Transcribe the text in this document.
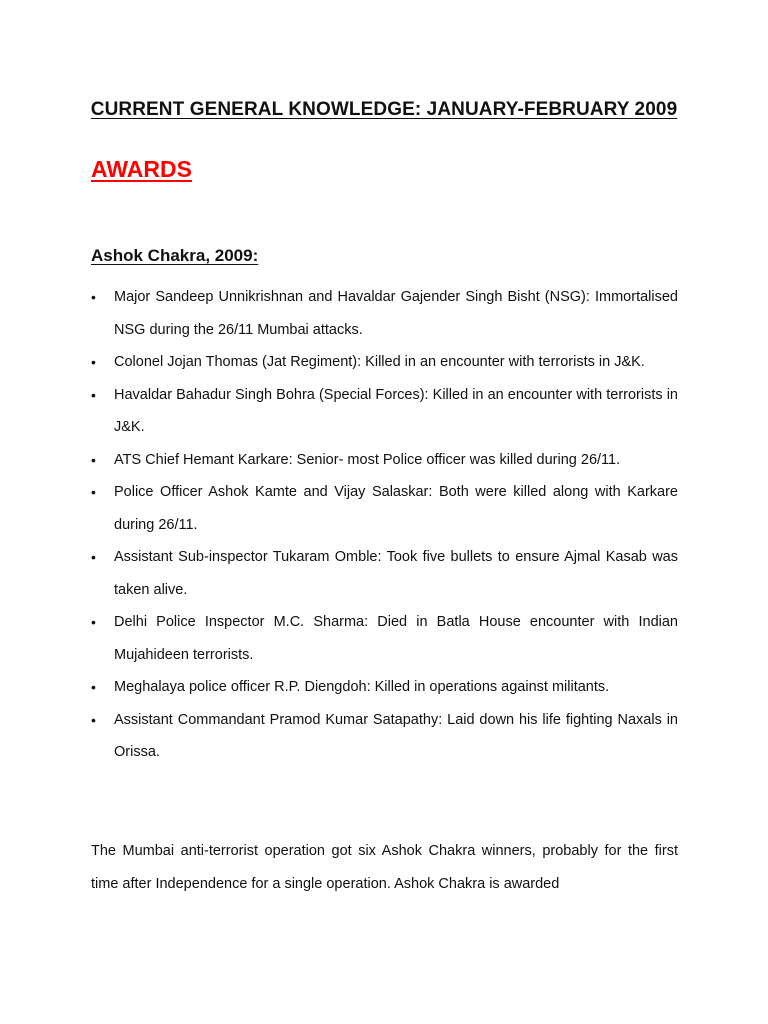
CURRENT GENERAL KNOWLEDGE: JANUARY-FEBRUARY 2009
AWARDS
Ashok Chakra, 2009:
•	Major Sandeep Unnikrishnan and Havaldar Gajender Singh Bisht (NSG): Immortalised NSG during the 26/11 Mumbai attacks.
•	Colonel Jojan Thomas (Jat Regiment): Killed in an encounter with terrorists in J&K.
•	Havaldar Bahadur Singh Bohra (Special Forces): Killed in an encounter with terrorists in J&K.
•	ATS Chief Hemant Karkare: Senior- most Police officer was killed during 26/11.
•	Police Officer Ashok Kamte and Vijay Salaskar: Both were killed along with Karkare during 26/11.
•	Assistant Sub-inspector Tukaram Omble: Took five bullets to ensure Ajmal Kasab was taken alive.
•	Delhi Police Inspector M.C. Sharma: Died in Batla House encounter with Indian Mujahideen terrorists.
•	Meghalaya police officer R.P. Diengdoh: Killed in operations against militants.
•	Assistant Commandant Pramod Kumar Satapathy: Laid down his life fighting Naxals in Orissa.

The Mumbai anti-terrorist operation got six Ashok Chakra winners, probably for the first time after Independence for a single operation. Ashok Chakra is awarded
